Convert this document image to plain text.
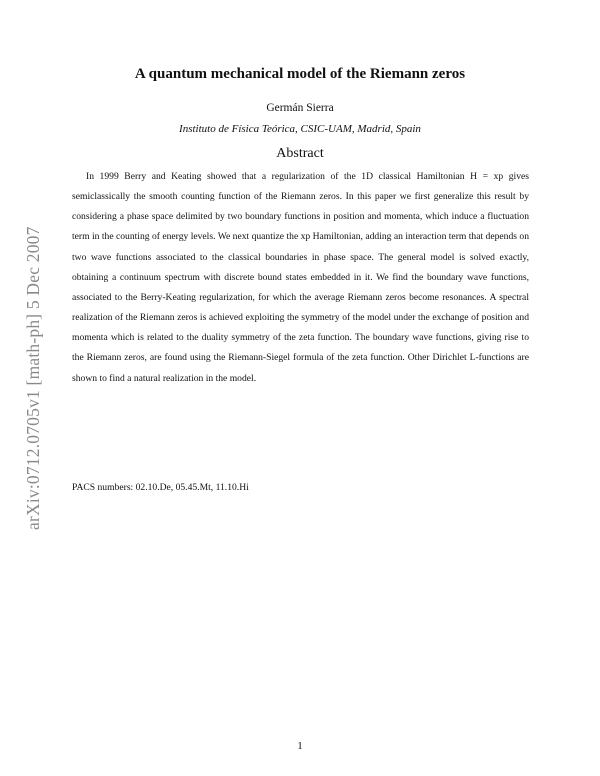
arXiv:0712.0705v1 [math-ph] 5 Dec 2007
A quantum mechanical model of the Riemann zeros
Germán Sierra
Instituto de Física Teórica, CSIC-UAM, Madrid, Spain
Abstract

In 1999 Berry and Keating showed that a regularization of the 1D classical Hamiltonian H = xp gives semiclassically the smooth counting function of the Riemann zeros. In this paper we first generalize this result by considering a phase space delimited by two boundary functions in position and momenta, which induce a fluctuation term in the counting of energy levels. We next quantize the xp Hamiltonian, adding an interaction term that depends on two wave functions associated to the classical boundaries in phase space. The general model is solved exactly, obtaining a continuum spectrum with discrete bound states embedded in it. We find the boundary wave functions, associated to the Berry-Keating regularization, for which the average Riemann zeros become resonances. A spectral realization of the Riemann zeros is achieved exploiting the symmetry of the model under the exchange of position and momenta which is related to the duality symmetry of the zeta function. The boundary wave functions, giving rise to the Riemann zeros, are found using the Riemann-Siegel formula of the zeta function. Other Dirichlet L-functions are shown to find a natural realization in the model.

PACS numbers: 02.10.De, 05.45.Mt, 11.10.Hi
1
